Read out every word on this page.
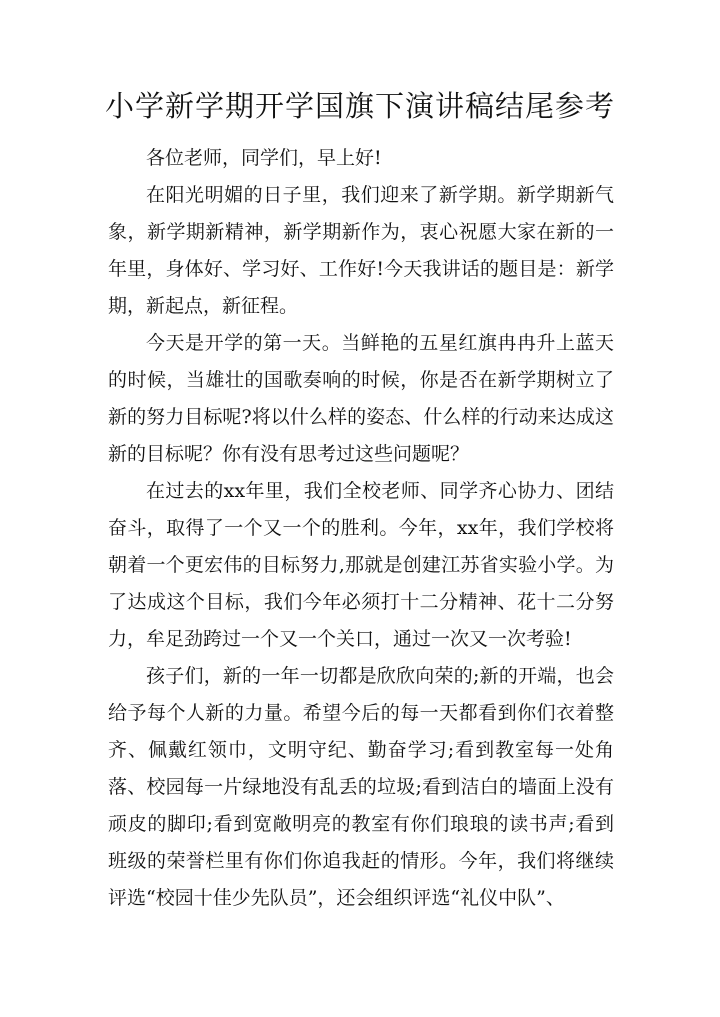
小学新学期开学国旗下演讲稿结尾参考

各位老师，同学们，早上好!

在阳光明媚的日子里，我们迎来了新学期。新学期新气象，新学期新精神，新学期新作为，衷心祝愿大家在新的一年里，身体好、学习好、工作好!今天我讲话的题目是：新学期，新起点，新征程。

今天是开学的第一天。当鲜艳的五星红旗冉冉升上蓝天的时候，当雄壮的国歌奏响的时候，你是否在新学期树立了新的努力目标呢?将以什么样的姿态、什么样的行动来达成这新的目标呢？你有没有思考过这些问题呢？

在过去的xx年里，我们全校老师、同学齐心协力、团结奋斗，取得了一个又一个的胜利。今年，xx年，我们学校将朝着一个更宏伟的目标努力,那就是创建江苏省实验小学。为了达成这个目标，我们今年必须打十二分精神、花十二分努力，牟足劲跨过一个又一个关口，通过一次又一次考验!

孩子们，新的一年一切都是欣欣向荣的;新的开端，也会给予每个人新的力量。希望今后的每一天都看到你们衣着整齐、佩戴红领巾，文明守纪、勤奋学习;看到教室每一处角落、校园每一片绿地没有乱丢的垃圾;看到洁白的墙面上没有顽皮的脚印;看到宽敞明亮的教室有你们琅琅的读书声;看到班级的荣誉栏里有你们你追我赶的情形。今年，我们将继续评选“校园十佳少先队员”，还会组织评选“礼仪中队”、
